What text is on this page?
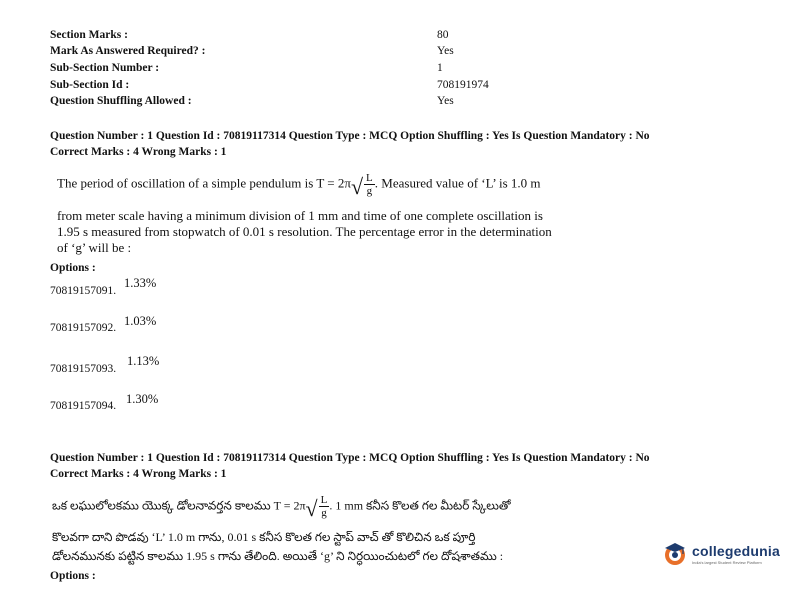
Section Marks :	80
Mark As Answered Required? :	Yes
Sub-Section Number :	1
Sub-Section Id :	708191974
Question Shuffling Allowed :	Yes
Question Number : 1 Question Id : 70819117314 Question Type : MCQ Option Shuffling : Yes Is Question Mandatory : No
Correct Marks : 4 Wrong Marks : 1
The period of oscillation of a simple pendulum is T = 2π √ $\frac{L}{g}$ . Measured value of ‘L’ is 1.0 m
from meter scale having a minimum division of 1 mm and time of one complete oscillation is
1.95 s measured from stopwatch of 0.01 s resolution. The percentage error in the determination
of ‘g’ will be :
Options :
70819157091.
1.33%
70819157092. 1.03%
70819157093.
1.13%
70819157094. 1.30%
Question Number : 1 Question Id : 70819117314 Question Type : MCQ Option Shuffling : Yes Is Question Mandatory : No
Correct Marks : 4 Wrong Marks : 1
ఒక లఘులోలకము యొక్క డోలనావర్తన కాలము T = 2π √ $\frac{L}{g}$ . 1 mm కనీస కొలత గల మీటర్ స్కేలుతో
కొలవగా దాని పొడవు ‘L’ 1.0 m గాను, 0.01 s కనీస కొలత గల స్టాప్ వాచ్ తో కొలిచిన ఒక పూర్తి
డోలనమునకు పట్టిన కాలము 1.95 s గాను తేలింది. అయితే ‘g’ ని నిర్ధయించుటలో గల దోషశాతము :
Options :
collegedunia
India's largest Student Review Platform
